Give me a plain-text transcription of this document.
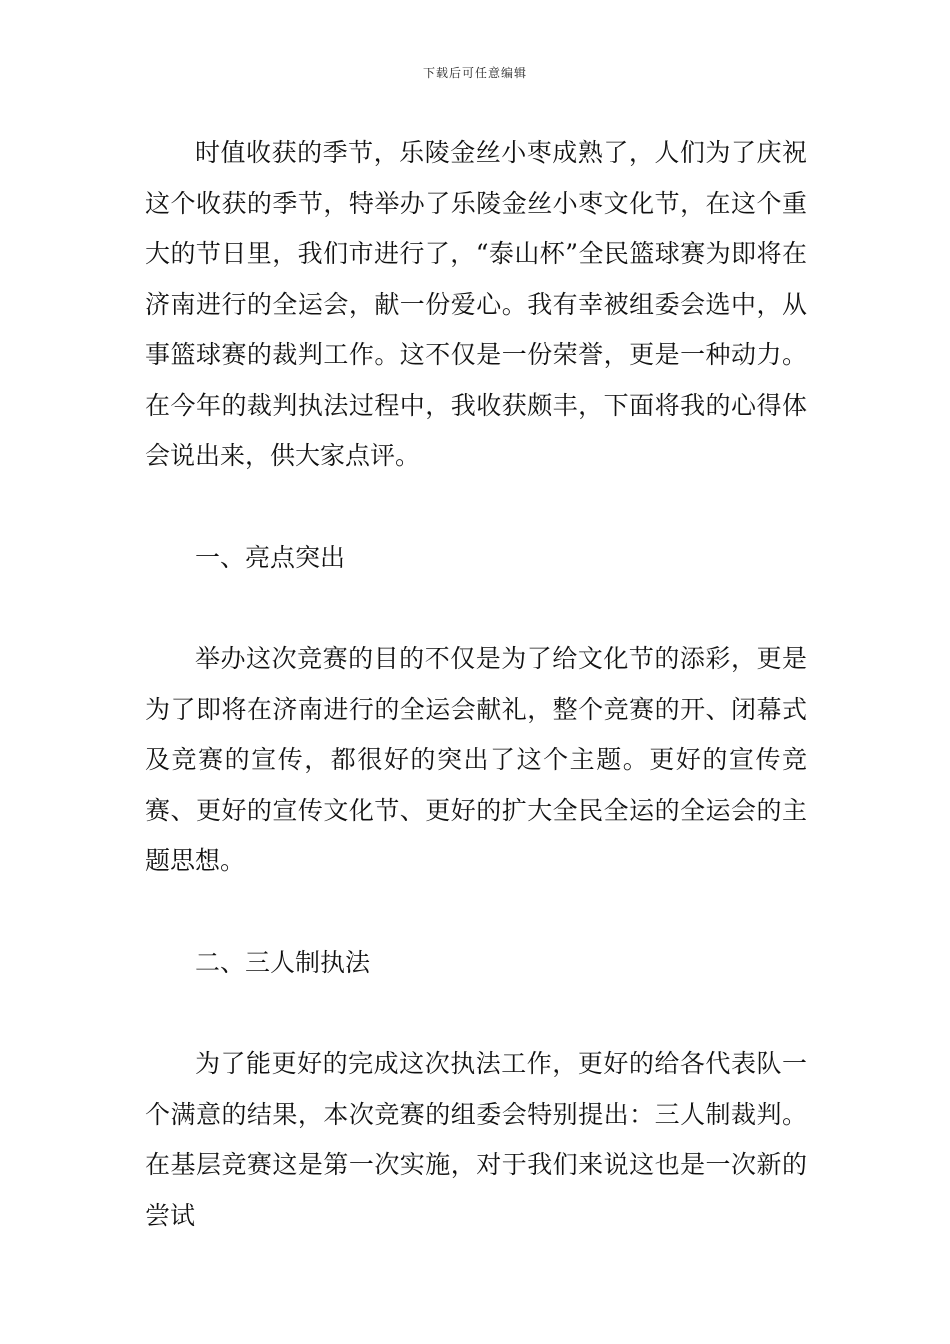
下载后可任意编辑

时值收获的季节，乐陵金丝小枣成熟了，人们为了庆祝这个收获的季节，特举办了乐陵金丝小枣文化节，在这个重大的节日里，我们市进行了，“泰山杯”全民篮球赛为即将在济南进行的全运会，献一份爱心。我有幸被组委会选中，从事篮球赛的裁判工作。这不仅是一份荣誉，更是一种动力。在今年的裁判执法过程中，我收获颇丰，下面将我的心得体会说出来，供大家点评。

一、亮点突出

举办这次竞赛的目的不仅是为了给文化节的添彩，更是为了即将在济南进行的全运会献礼，整个竞赛的开、闭幕式及竞赛的宣传，都很好的突出了这个主题。更好的宣传竞赛、更好的宣传文化节、更好的扩大全民全运的全运会的主题思想。

二、三人制执法

为了能更好的完成这次执法工作，更好的给各代表队一个满意的结果，本次竞赛的组委会特别提出：三人制裁判。在基层竞赛这是第一次实施，对于我们来说这也是一次新的尝试
